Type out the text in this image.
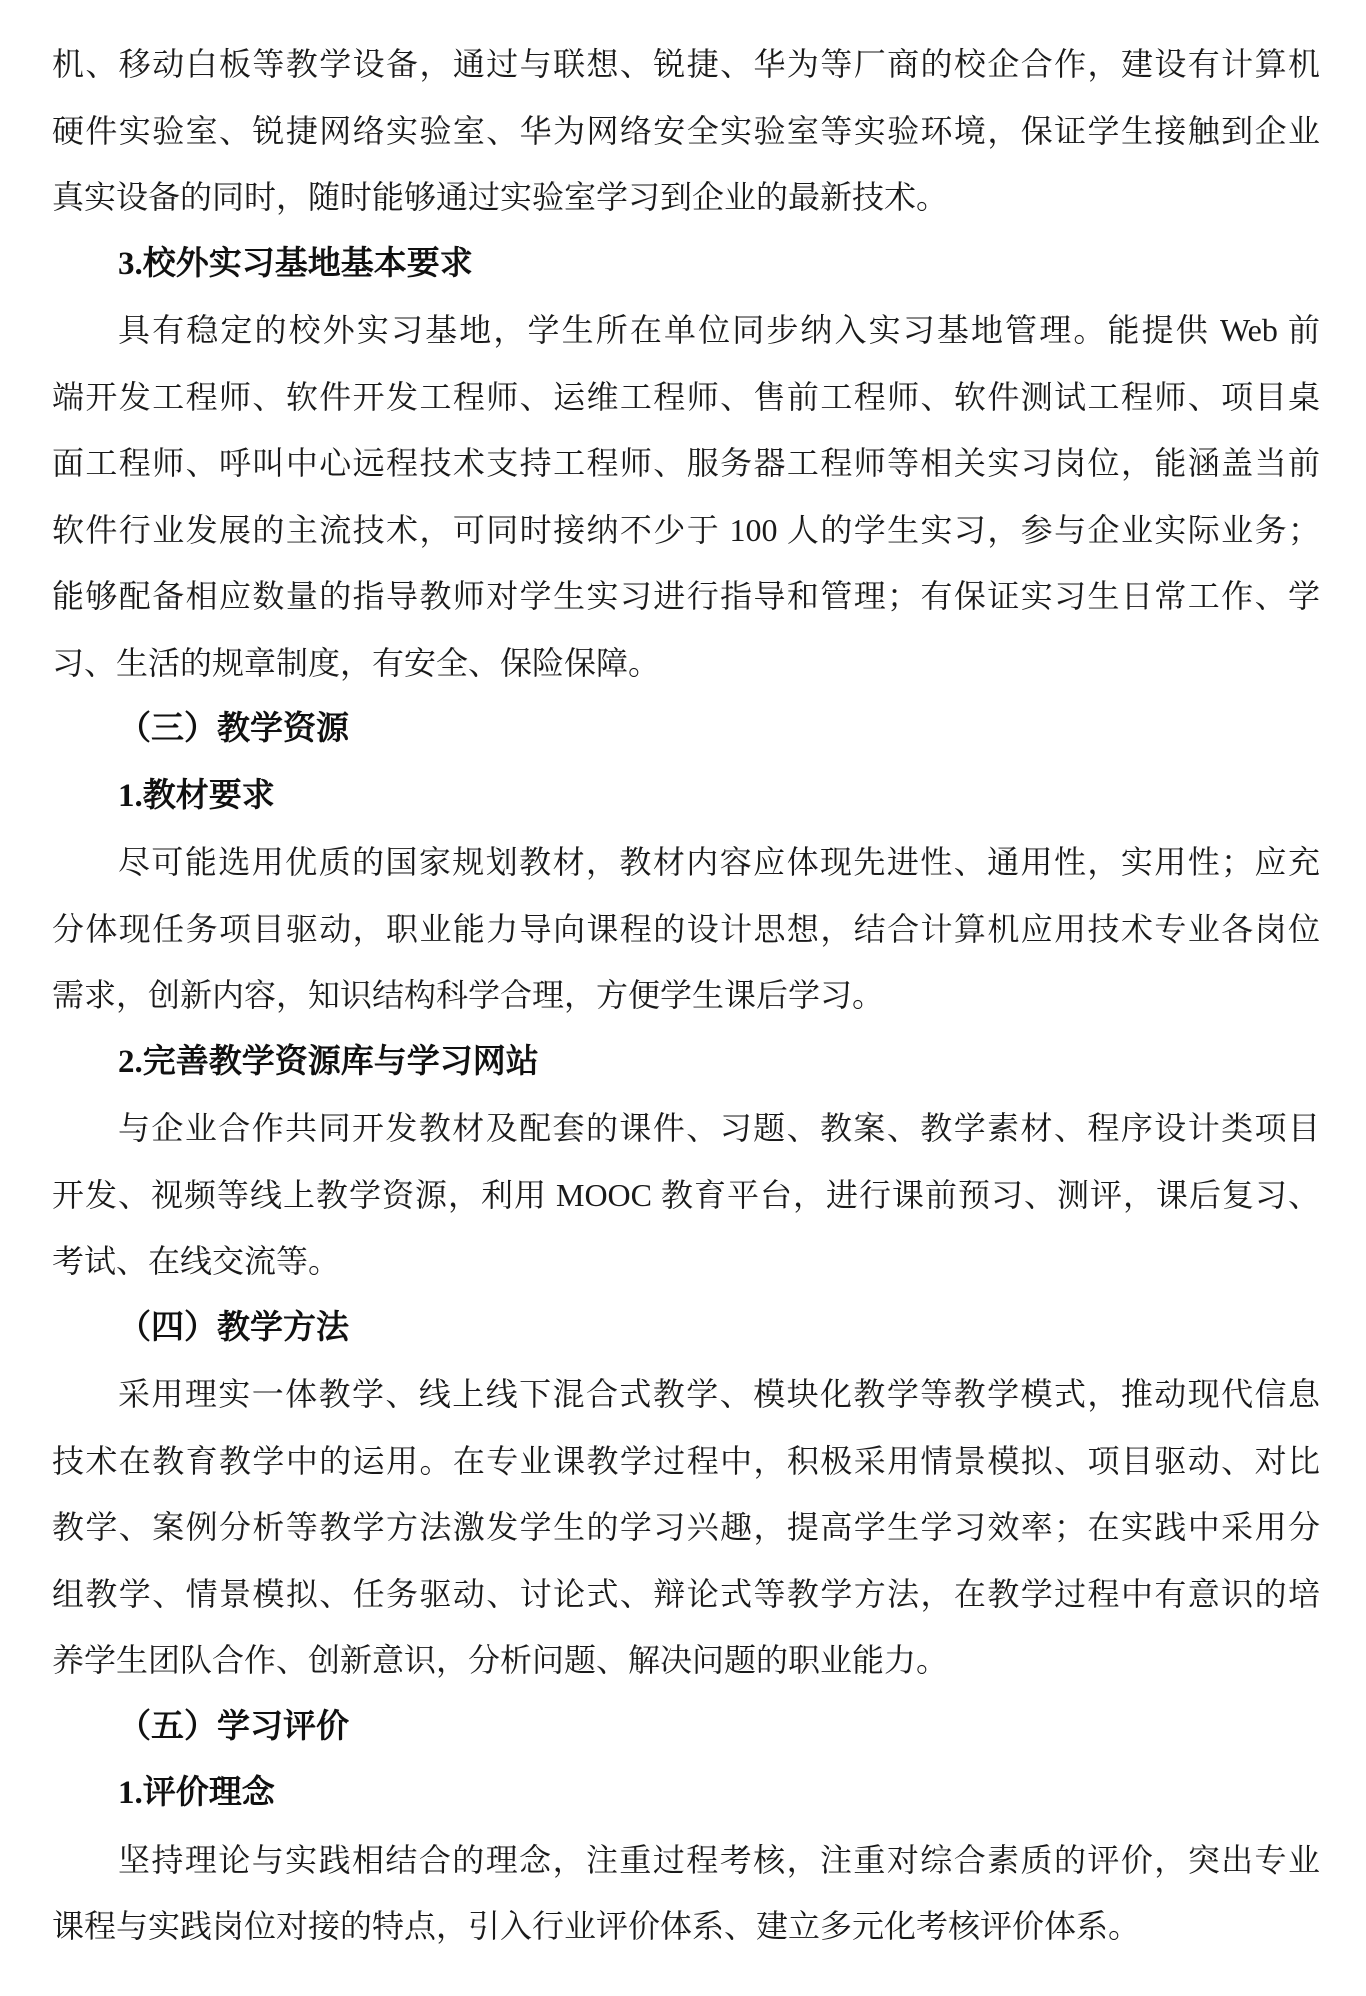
机、移动白板等教学设备，通过与联想、锐捷、华为等厂商的校企合作，建设有计算机
硬件实验室、锐捷网络实验室、华为网络安全实验室等实验环境，保证学生接触到企业
真实设备的同时，随时能够通过实验室学习到企业的最新技术。
3.校外实习基地基本要求
具有稳定的校外实习基地，学生所在单位同步纳入实习基地管理。能提供 Web 前
端开发工程师、软件开发工程师、运维工程师、售前工程师、软件测试工程师、项目桌
面工程师、呼叫中心远程技术支持工程师、服务器工程师等相关实习岗位，能涵盖当前
软件行业发展的主流技术，可同时接纳不少于 100 人的学生实习，参与企业实际业务；
能够配备相应数量的指导教师对学生实习进行指导和管理；有保证实习生日常工作、学
习、生活的规章制度，有安全、保险保障。
（三）教学资源
1.教材要求
尽可能选用优质的国家规划教材，教材内容应体现先进性、通用性，实用性；应充
分体现任务项目驱动，职业能力导向课程的设计思想，结合计算机应用技术专业各岗位
需求，创新内容，知识结构科学合理，方便学生课后学习。
2.完善教学资源库与学习网站
与企业合作共同开发教材及配套的课件、习题、教案、教学素材、程序设计类项目
开发、视频等线上教学资源，利用 MOOC 教育平台，进行课前预习、测评，课后复习、
考试、在线交流等。
（四）教学方法
采用理实一体教学、线上线下混合式教学、模块化教学等教学模式，推动现代信息
技术在教育教学中的运用。在专业课教学过程中，积极采用情景模拟、项目驱动、对比
教学、案例分析等教学方法激发学生的学习兴趣，提高学生学习效率；在实践中采用分
组教学、情景模拟、任务驱动、讨论式、辩论式等教学方法，在教学过程中有意识的培
养学生团队合作、创新意识，分析问题、解决问题的职业能力。
（五）学习评价
1.评价理念
坚持理论与实践相结合的理念，注重过程考核，注重对综合素质的评价，突出专业
课程与实践岗位对接的特点，引入行业评价体系、建立多元化考核评价体系。
